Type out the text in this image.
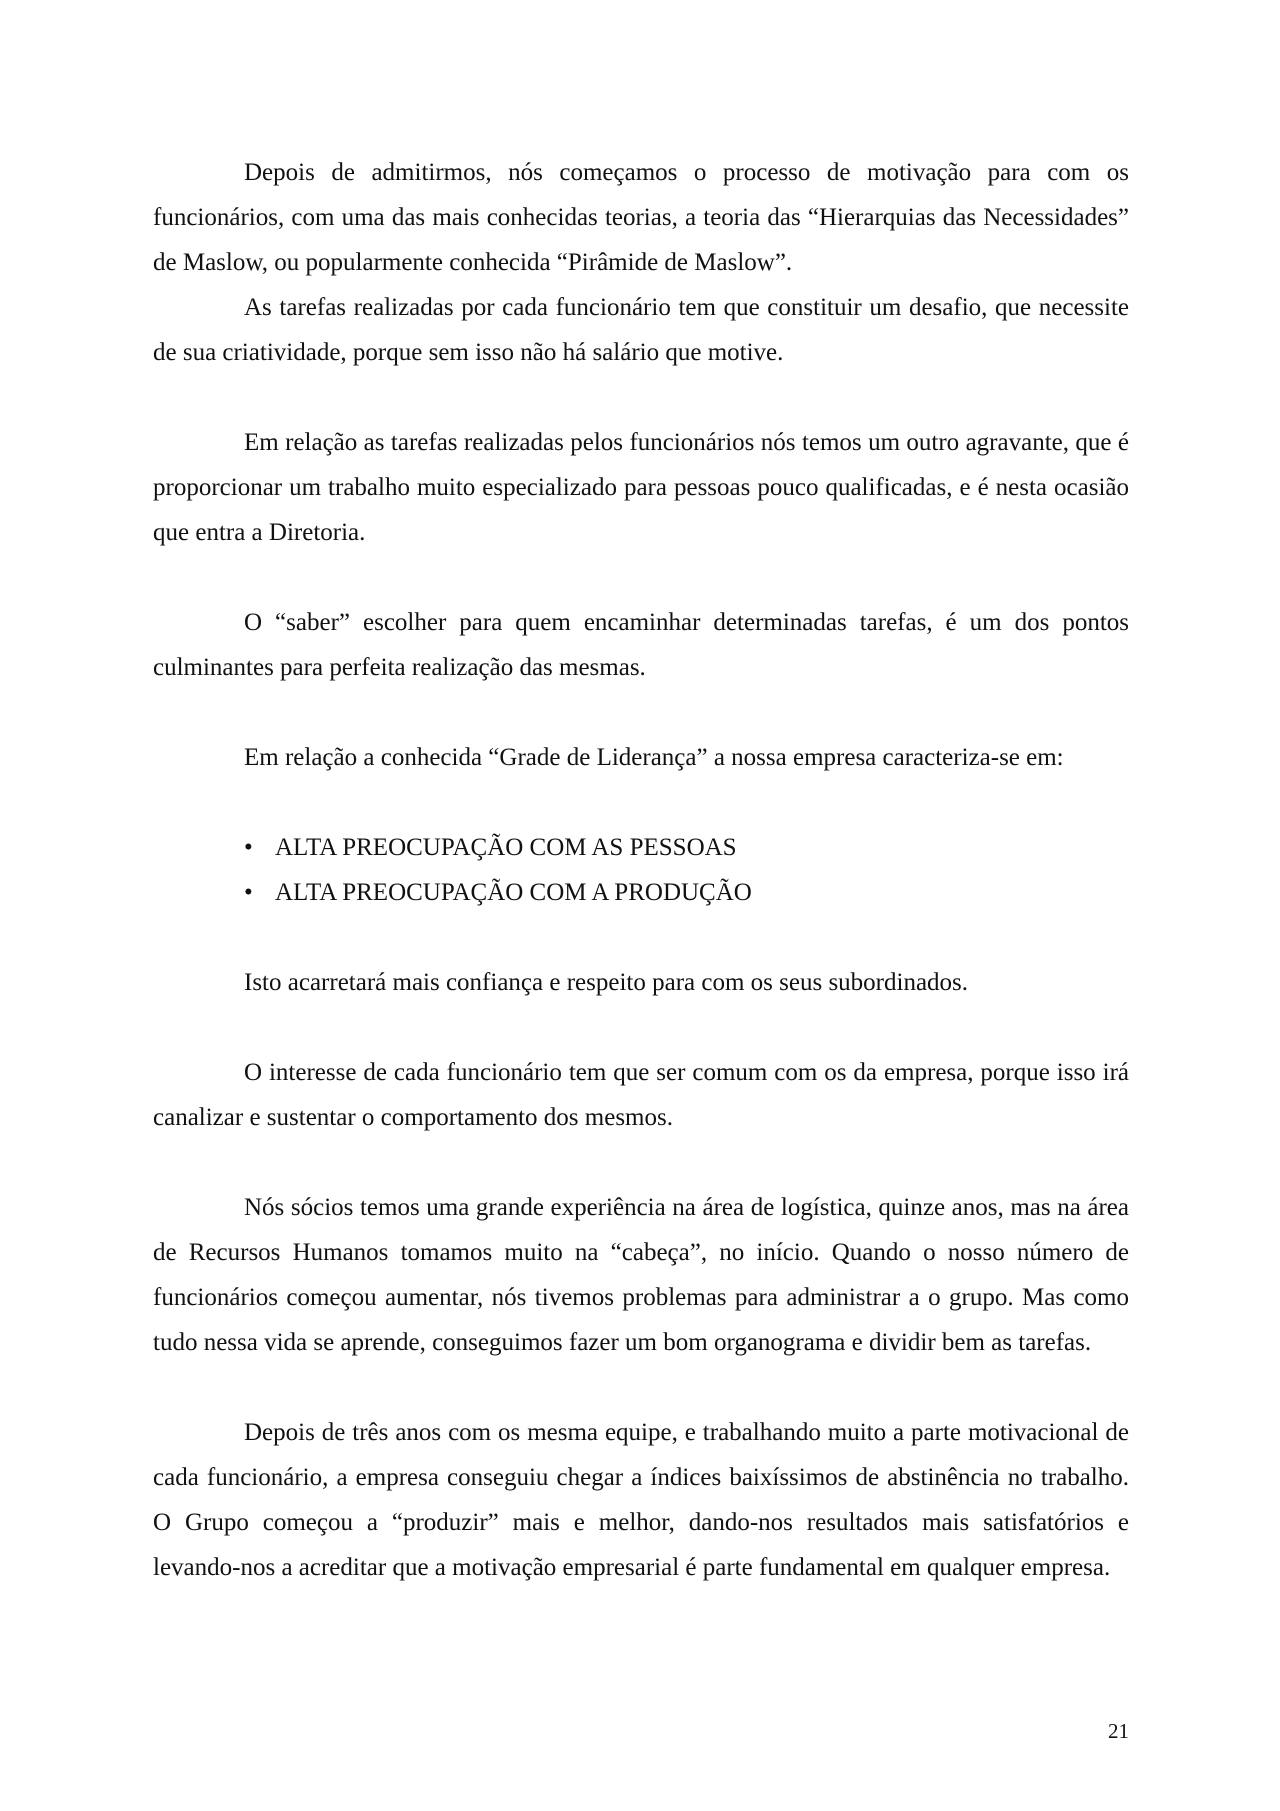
Depois de admitirmos, nós começamos o processo de motivação para com os funcionários, com uma das mais conhecidas teorias, a teoria das “Hierarquias das Necessidades” de Maslow, ou popularmente conhecida “Pirâmide de Maslow”.

As tarefas realizadas por cada funcionário tem que constituir um desafio, que necessite de sua criatividade, porque sem isso não há salário que motive.

Em relação as tarefas realizadas pelos funcionários nós temos um outro agravante, que é proporcionar um trabalho muito especializado para pessoas pouco qualificadas, e é nesta ocasião que entra a Diretoria.

O “saber” escolher para quem encaminhar determinadas tarefas, é um dos pontos culminantes para perfeita realização das mesmas.

Em relação a conhecida “Grade de Liderança” a nossa empresa caracteriza-se em:

• ALTA PREOCUPAÇÃO COM AS PESSOAS
• ALTA PREOCUPAÇÃO COM A PRODUÇÃO

Isto acarretará mais confiança e respeito para com os seus subordinados.

O interesse de cada funcionário tem que ser comum com os da empresa, porque isso irá canalizar e sustentar o comportamento dos mesmos.

Nós sócios temos uma grande experiência na área de logística, quinze anos, mas na área de Recursos Humanos tomamos muito na “cabeça”, no início. Quando o nosso número de funcionários começou aumentar, nós tivemos problemas para administrar a o grupo. Mas como tudo nessa vida se aprende, conseguimos fazer um bom organograma e dividir bem as tarefas.

Depois de três anos com os mesma equipe, e trabalhando muito a parte motivacional de cada funcionário, a empresa conseguiu chegar a índices baixíssimos de abstinência no trabalho. O Grupo começou a “produzir” mais e melhor, dando-nos resultados mais satisfatórios e levando-nos a acreditar que a motivação empresarial é parte fundamental em qualquer empresa.

21
